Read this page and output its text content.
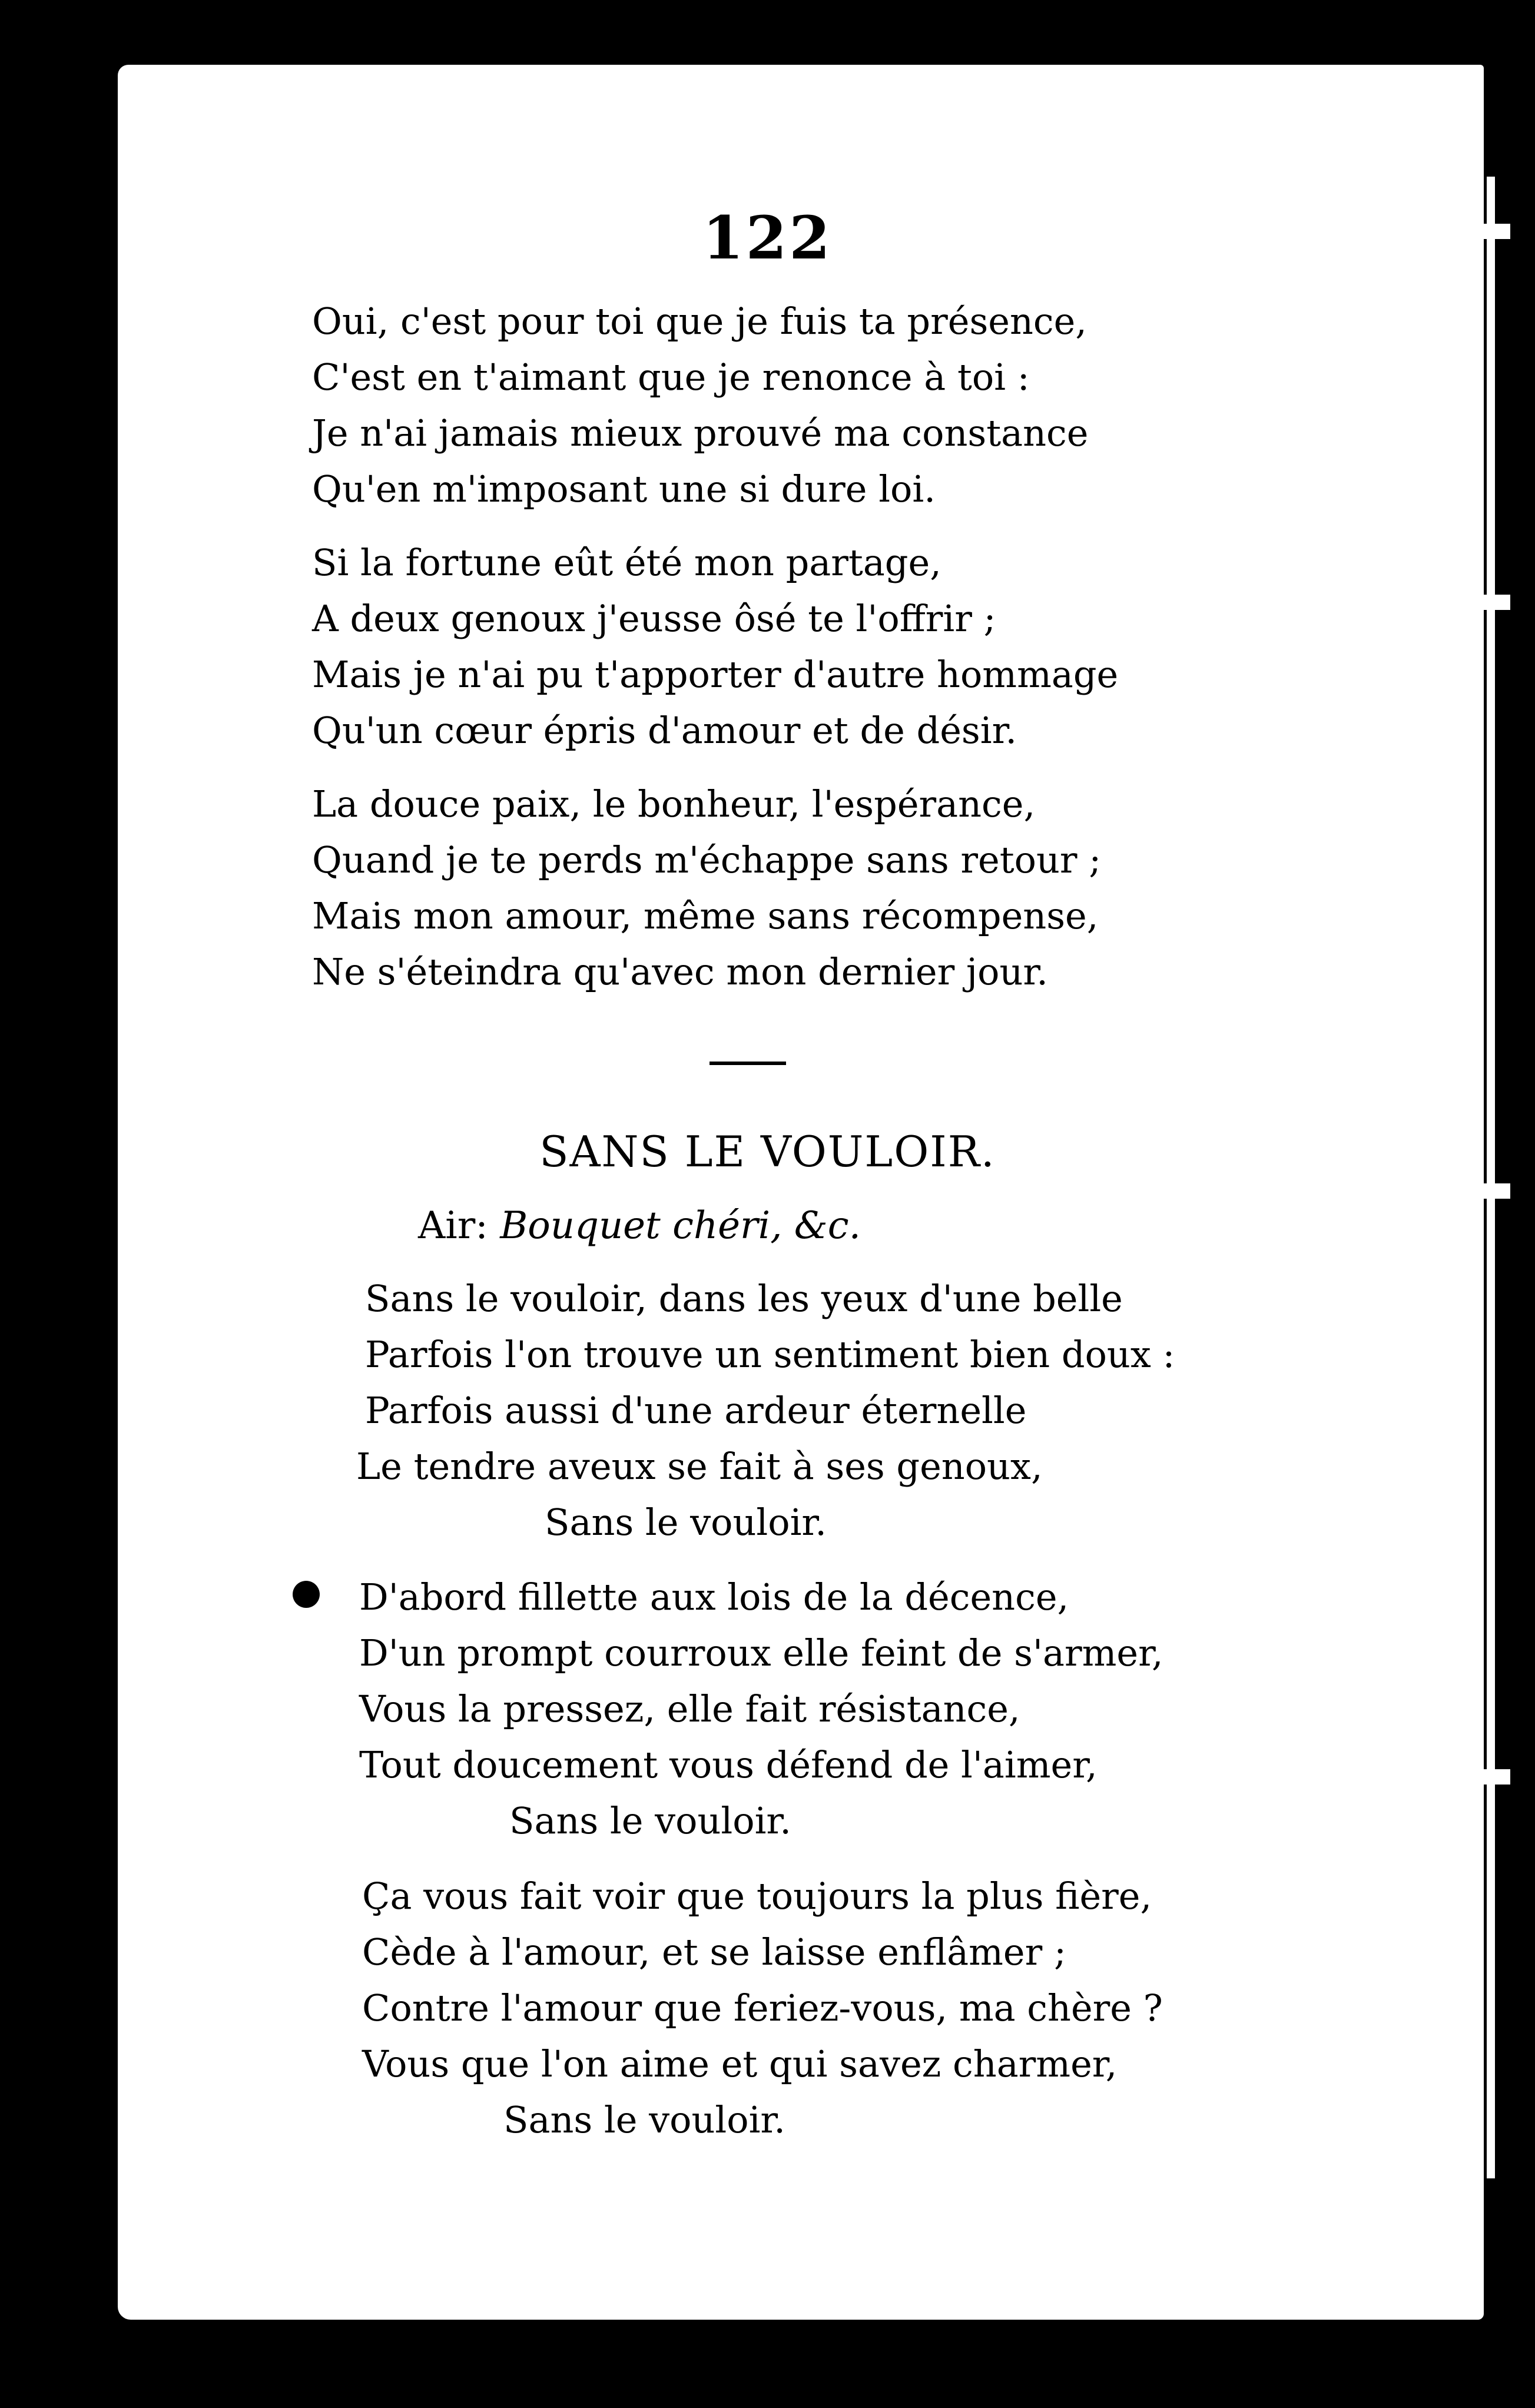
122
Oui, c'est pour toi que je fuis ta présence,
C'est en t'aimant que je renonce à toi :
Je n'ai jamais mieux prouvé ma constance
Qu'en m'imposant une si dure loi.
Si la fortune eût été mon partage,
A deux genoux j'eusse ôsé te l'offrir ;
Mais je n'ai pu t'apporter d'autre hommage
Qu'un cœur épris d'amour et de désir.
La douce paix, le bonheur, l'espérance,
Quand je te perds m'échappe sans retour ;
Mais mon amour, même sans récompense,
Ne s'éteindra qu'avec mon dernier jour.
SANS LE VOULOIR.
Air: Bouquet chéri, &c.
Sans le vouloir, dans les yeux d'une belle
Parfois l'on trouve un sentiment bien doux :
Parfois aussi d'une ardeur éternelle
Le tendre aveux se fait à ses genoux,
Sans le vouloir.
D'abord fillette aux lois de la décence,
D'un prompt courroux elle feint de s'armer,
Vous la pressez, elle fait résistance,
Tout doucement vous défend de l'aimer,
Sans le vouloir.
Ça vous fait voir que toujours la plus fière,
Cède à l'amour, et se laisse enflâmer ;
Contre l'amour que feriez-vous, ma chère ?
Vous que l'on aime et qui savez charmer,
Sans le vouloir.
